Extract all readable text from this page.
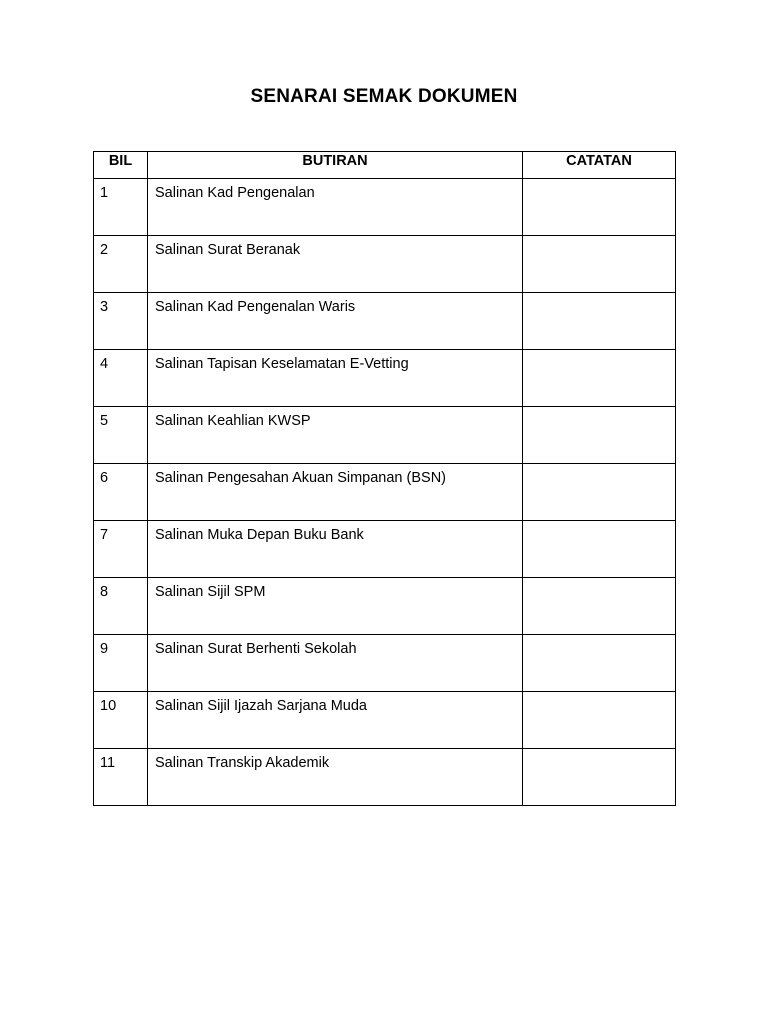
SENARAI SEMAK DOKUMEN
BIL	BUTIRAN	CATATAN
1	Salinan Kad Pengenalan	
2	Salinan Surat Beranak	
3	Salinan Kad Pengenalan Waris	
4	Salinan Tapisan Keselamatan E-Vetting	
5	Salinan Keahlian KWSP	
6	Salinan Pengesahan Akuan Simpanan (BSN)	
7	Salinan Muka Depan Buku Bank	
8	Salinan Sijil SPM	
9	Salinan Surat Berhenti Sekolah	
10	Salinan Sijil Ijazah Sarjana Muda	
11	Salinan Transkip Akademik	
